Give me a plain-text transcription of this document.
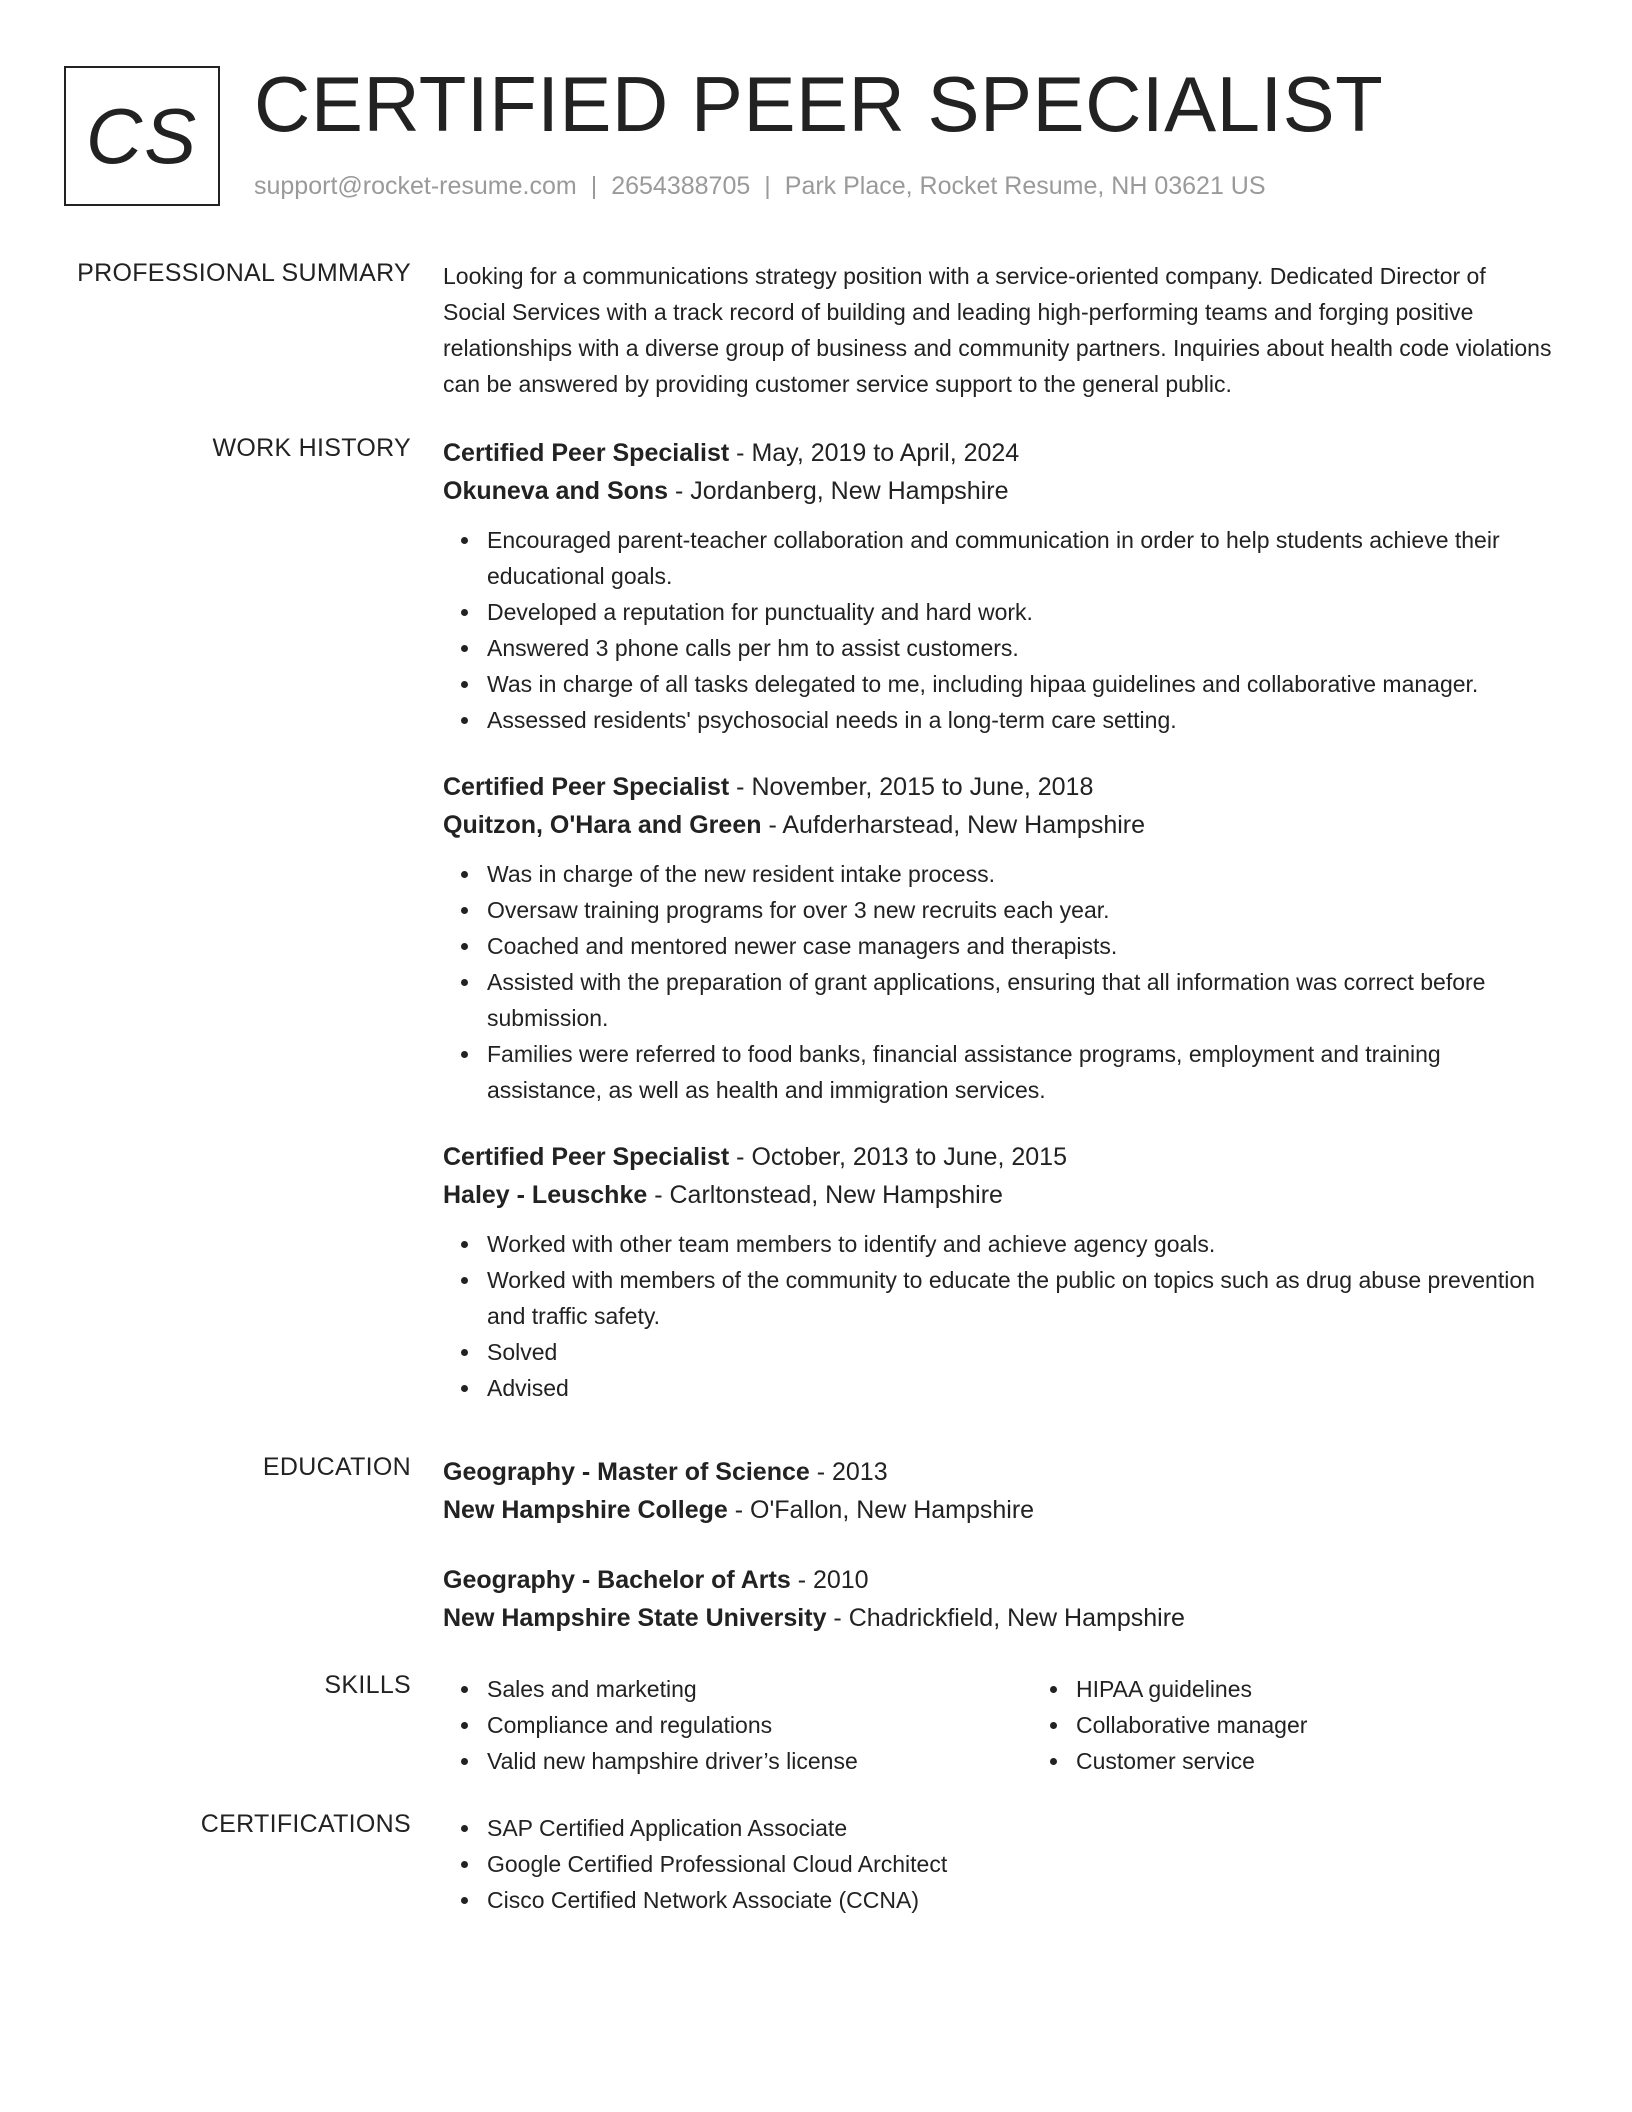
CS CERTIFIED PEER SPECIALIST
support@rocket-resume.com | 2654388705 | Park Place, Rocket Resume, NH 03621 US
PROFESSIONAL SUMMARY Looking for a communications strategy position with a service-oriented company. Dedicated Director of Social Services with a track record of building and leading high-performing teams and forging positive relationships with a diverse group of business and community partners. Inquiries about health code violations can be answered by providing customer service support to the general public.
WORK HISTORY Certified Peer Specialist - May, 2019 to April, 2024
Okuneva and Sons - Jordanberg, New Hampshire
Encouraged parent-teacher collaboration and communication in order to help students achieve their educational goals.
Developed a reputation for punctuality and hard work.
Answered 3 phone calls per hm to assist customers.
Was in charge of all tasks delegated to me, including hipaa guidelines and collaborative manager.
Assessed residents' psychosocial needs in a long-term care setting.
Certified Peer Specialist - November, 2015 to June, 2018
Quitzon, O'Hara and Green - Aufderharstead, New Hampshire
Was in charge of the new resident intake process.
Oversaw training programs for over 3 new recruits each year.
Coached and mentored newer case managers and therapists.
Assisted with the preparation of grant applications, ensuring that all information was correct before submission.
Families were referred to food banks, financial assistance programs, employment and training assistance, as well as health and immigration services.
Certified Peer Specialist - October, 2013 to June, 2015
Haley - Leuschke - Carltonstead, New Hampshire
Worked with other team members to identify and achieve agency goals.
Worked with members of the community to educate the public on topics such as drug abuse prevention and traffic safety.
Solved
Advised
EDUCATION Geography - Master of Science - 2013
New Hampshire College - O'Fallon, New Hampshire
Geography - Bachelor of Arts - 2010
New Hampshire State University - Chadrickfield, New Hampshire
SKILLS	Sales and marketing
Compliance and regulations
Valid new hampshire driver’s license
HIPAA guidelines
Collaborative manager
Customer service
CERTIFICATIONS	SAP Certified Application Associate
Google Certified Professional Cloud Architect
Cisco Certified Network Associate (CCNA)
